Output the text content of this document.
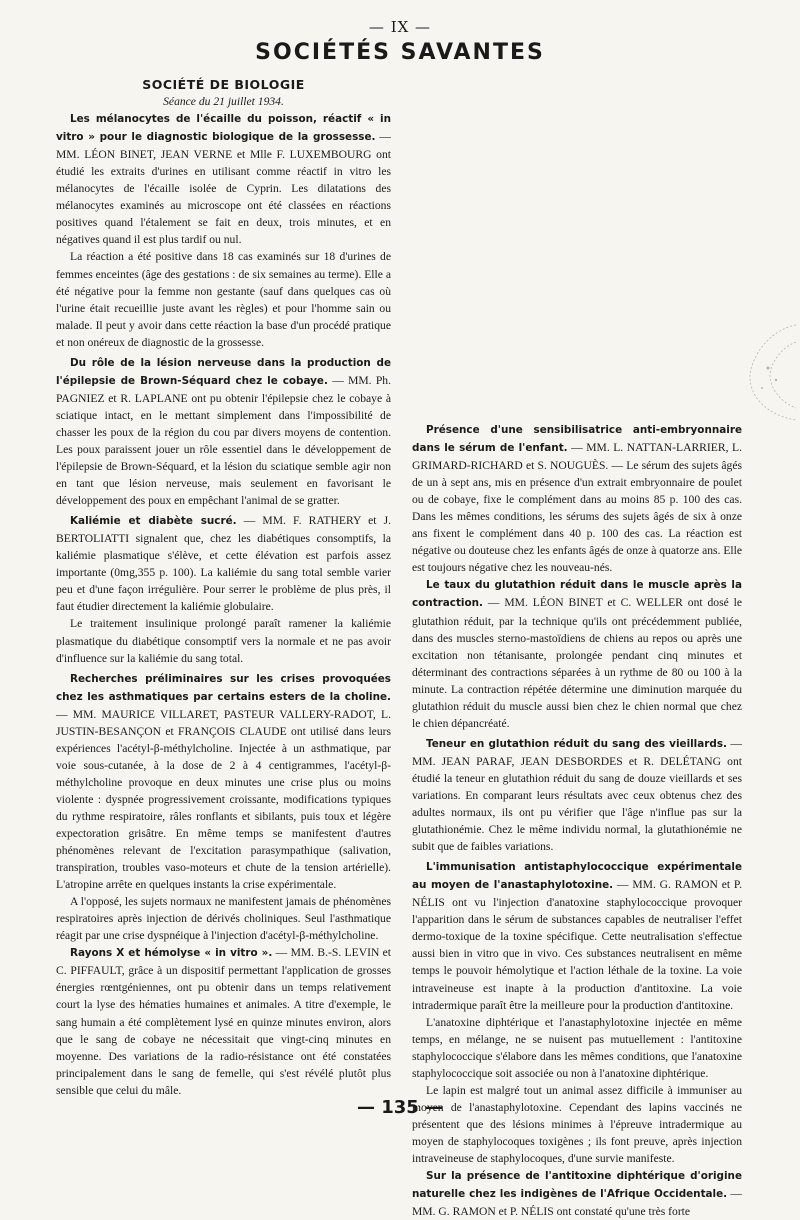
— IX —
SOCIÉTÉS SAVANTES

SOCIÉTÉ DE BIOLOGIE

Séance du 21 juillet 1934.

Les mélanocytes de l'écaille du poisson, réactif « in vitro » pour le diagnostic biologique de la grossesse. — MM. LÉON BINET, JEAN VERNE et Mlle F. LUXEMBOURG ont étudié les extraits d'urines en utilisant comme réactif in vitro les mélanocytes de l'écaille isolée de Cyprin. Les dilatations des mélanocytes examinés au microscope ont été classées en réactions positives quand l'étalement se fait en deux, trois minutes, et en négatives quand il est plus tardif ou nul.

La réaction a été positive dans 18 cas examinés sur 18 d'urines de femmes enceintes (âge des gestations : de six semaines au terme). Elle a été négative pour la femme non gestante (sauf dans quelques cas où l'urine était recueillie juste avant les règles) et pour l'homme sain ou malade. Il peut y avoir dans cette réaction la base d'un procédé pratique et non onéreux de diagnostic de la grossesse.

Du rôle de la lésion nerveuse dans la production de l'épilepsie de Brown-Séquard chez le cobaye. — MM. Ph. PAGNIEZ et R. LAPLANE ont pu obtenir l'épilepsie chez le cobaye à sciatique intact, en le mettant simplement dans l'impossibilité de chasser les poux de la région du cou par divers moyens de contention. Les poux paraissent jouer un rôle essentiel dans le développement de l'épilepsie de Brown-Séquard, et la lésion du sciatique semble agir non en tant que lésion nerveuse, mais seulement en favorisant le développement des poux en empêchant l'animal de se gratter.

Kaliémie et diabète sucré. — MM. F. RATHERY et J. BERTOLIATTI signalent que, chez les diabétiques consomptifs, la kaliémie plasmatique s'élève, et cette élévation est parfois assez importante (0mg,355 p. 100). La kaliémie du sang total semble varier peu et d'une façon irrégulière. Pour serrer le problème de plus près, il faut étudier directement la kaliémie globulaire.

Le traitement insulinique prolongé paraît ramener la kaliémie plasmatique du diabétique consomptif vers la normale et ne pas avoir d'influence sur la kaliémie du sang total.

Recherches préliminaires sur les crises provoquées chez les asthmatiques par certains esters de la choline. — MM. MAURICE VILLARET, PASTEUR VALLERY-RADOT, L. JUSTIN-BESANÇON et FRANÇOIS CLAUDE ont utilisé dans leurs expériences l'acétyl-β-méthylcholine. Injectée à un asthmatique, par voie sous-cutanée, à la dose de 2 à 4 centigrammes, l'acétyl-β-méthylcholine provoque en deux minutes une crise plus ou moins violente : dyspnée progressivement croissante, modifications typiques du rythme respiratoire, râles ronflants et sibilants, puis toux et légère expectoration grisâtre. En même temps se manifestent d'autres phénomènes relevant de l'excitation parasympathique (salivation, transpiration, troubles vaso-moteurs et chute de la tension artérielle). L'atropine arrête en quelques instants la crise expérimentale.

A l'opposé, les sujets normaux ne manifestent jamais de phénomènes respiratoires après injection de dérivés choliniques. Seul l'asthmatique réagit par une crise dyspnéique à l'injection d'acétyl-β-méthylcholine.

Rayons X et hémolyse « in vitro ». — MM. B.-S. LEVIN et C. PIFFAULT, grâce à un dispositif permettant l'application de grosses énergies rœntgéniennes, ont pu obtenir dans un temps relativement court la lyse des hématies humaines et animales. A titre d'exemple, le sang humain a été complètement lysé en quinze minutes environ, alors que le sang de cobaye ne nécessitait que vingt-cinq minutes en moyenne. Des variations de la radio-résistance ont été constatées principalement dans le sang de femelle, qui s'est révélé plutôt plus sensible que celui du mâle.

Présence d'une sensibilisatrice anti-embryonnaire dans le sérum de l'enfant. — MM. L. NATTAN-LARRIER, L. GRIMARD-RICHARD et S. NOUGUÈS. — Le sérum des sujets âgés de un à sept ans, mis en présence d'un extrait embryonnaire de poulet ou de cobaye, fixe le complément dans au moins 85 p. 100 des cas. Dans les mêmes conditions, les sérums des sujets âgés de six à onze ans fixent le complément dans 40 p. 100 des cas. La réaction est négative ou douteuse chez les enfants âgés de onze à quatorze ans. Elle est toujours négative chez les nouveau-nés.

Le taux du glutathion réduit dans le muscle après la contraction. — MM. LÉON BINET et C. WELLER ont dosé le glutathion réduit, par la technique qu'ils ont précédemment publiée, dans des muscles sterno-mastoïdiens de chiens au repos ou après une excitation non tétanisante, prolongée pendant cinq minutes et déterminant des contractions séparées à un rythme de 80 ou 100 à la minute. La contraction répétée détermine une diminution marquée du glutathion réduit du muscle aussi bien chez le chien normal que chez le chien dépancréaté.

Teneur en glutathion réduit du sang des vieillards. — MM. JEAN PARAF, JEAN DESBORDES et R. DELÉTANG ont étudié la teneur en glutathion réduit du sang de douze vieillards et ses variations. En comparant leurs résultats avec ceux obtenus chez des adultes normaux, ils ont pu vérifier que l'âge n'influe pas sur la glutathionémie. Chez le même individu normal, la glutathionémie ne subit que de faibles variations.

L'immunisation antistaphylococcique expérimentale au moyen de l'anastaphylotoxine. — MM. G. RAMON et P. NÉLIS ont vu l'injection d'anatoxine staphylococcique provoquer l'apparition dans le sérum de substances capables de neutraliser l'effet dermo-toxique de la toxine spécifique. Cette neutralisation s'effectue aussi bien in vitro que in vivo. Ces substances neutralisent en même temps le pouvoir hémolytique et l'action léthale de la toxine. La voie intraveineuse est inapte à la production d'antitoxine. La voie intradermique paraît être la meilleure pour la production d'antitoxine.

L'anatoxine diphtérique et l'anastaphylotoxine injectée en même temps, en mélange, ne se nuisent pas mutuellement : l'antitoxine staphylococcique s'élabore dans les mêmes conditions, que l'anatoxine staphylococcique soit associée ou non à l'anatoxine diphtérique.

Le lapin est malgré tout un animal assez difficile à immuniser au moyen de l'anastaphylotoxine. Cependant des lapins vaccinés ne présentent que des lésions minimes à l'épreuve intradermique au moyen de staphylocoques toxigènes ; ils font preuve, après injection intraveineuse de staphylocoques, d'une survie manifeste.

Sur la présence de l'antitoxine diphtérique d'origine naturelle chez les indigènes de l'Afrique Occidentale. — MM. G. RAMON et P. NÉLIS ont constaté qu'une très forte

— 135 —
